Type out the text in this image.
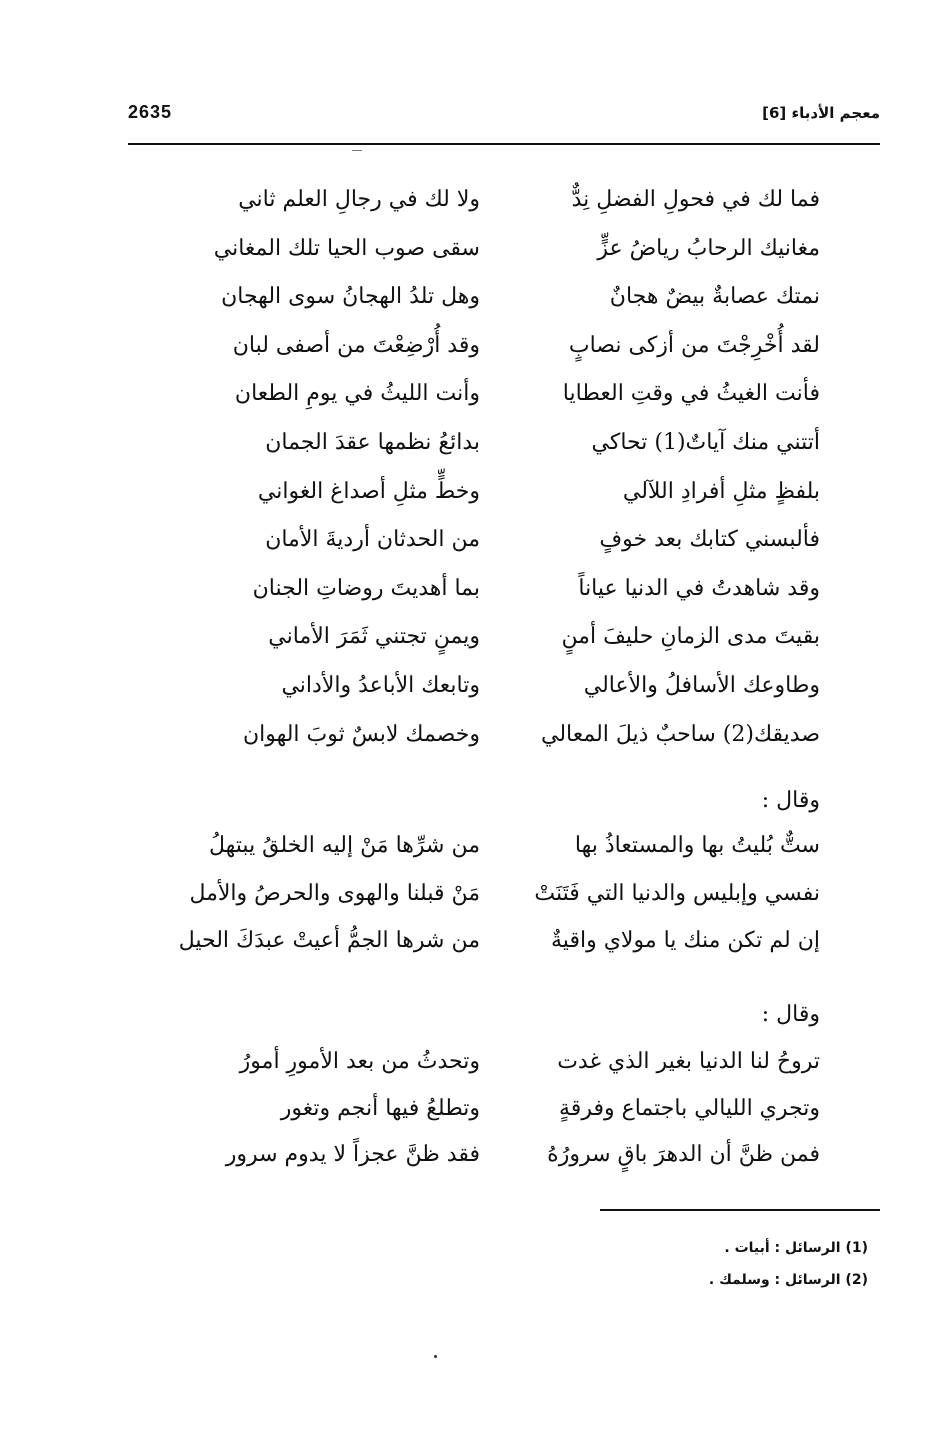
2635	معجم الأدباء [6]
فما لك في فحولِ الفضلِ نِدٌّ
ولا لك في رجالِ العلم ثاني
مغانيك الرحابُ رياضُ عزٍّ
سقى صوب الحيا تلك المغاني
نمتك عصابةٌ بيضٌ هجانٌ
وهل تلدُ الهجانُ سوى الهجان
لقد أُخْرِجْتَ من أزكى نصابٍ
وقد أُرْضِعْتَ من أصفى لبان
فأنت الغيثُ في وقتِ العطايا
وأنت الليثُ في يومِ الطعان
أتتني منك آياتٌ(1) تحاكي
بدائعُ نظمها عقدَ الجمان
بلفظٍ مثلِ أفرادِ اللآلي
وخطٍّ مثلِ أصداغ الغواني
فألبسني كتابك بعد خوفٍ
من الحدثان أرديةَ الأمان
وقد شاهدتُ في الدنيا عياناً
بما أهديتَ روضاتِ الجنان
بقيتَ مدى الزمانِ حليفَ أمنٍ
ويمنٍ تجتني ثَمَرَ الأماني
وطاوعك الأسافلُ والأعالي
وتابعك الأباعدُ والأداني
صديقك(2) ساحبٌ ذيلَ المعالي
وخصمك لابسٌ ثوبَ الهوان
وقال :
ستٌّ بُليتُ بها والمستعاذُ بها
من شرِّها مَنْ إليه الخلقُ يبتهلُ
نفسي وإبليس والدنيا التي فَتَنَتْ
مَنْ قبلنا والهوى والحرصُ والأمل
إن لم تكن منك يا مولاي واقيةٌ
من شرها الجمُّ أعيتْ عبدَكَ الحيل
وقال :
تروحُ لنا الدنيا بغير الذي غدت
وتحدثُ من بعد الأمورِ أمورُ
وتجري الليالي باجتماع وفرقةٍ
وتطلعُ فيها أنجم وتغور
فمن ظنَّ أن الدهرَ باقٍ سرورُهُ
فقد ظنَّ عجزاً لا يدوم سرور
(1) الرسائل : أبيات .
(2) الرسائل : وسلمك .
